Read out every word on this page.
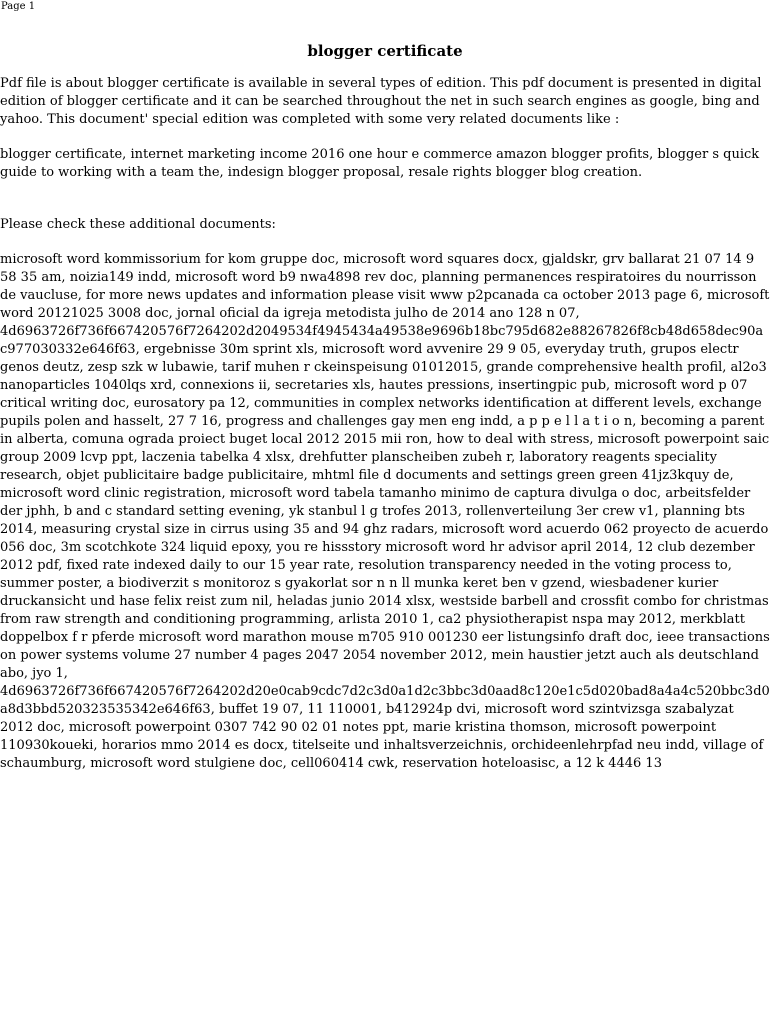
Page 1
blogger certificate

Pdf file is about blogger certificate is available in several types of edition. This pdf document is presented in digital edition of blogger certificate and it can be searched throughout the net in such search engines as google, bing and yahoo. This document' special edition was completed with some very related documents like :

blogger certificate, internet marketing income 2016 one hour e commerce amazon blogger profits, blogger s quick guide to working with a team the, indesign blogger proposal, resale rights blogger blog creation.

Please check these additional documents:

microsoft word kommissorium for kom gruppe doc, microsoft word squares docx, gjaldskr, grv ballarat 21 07 14 9 58 35 am, noizia149 indd, microsoft word b9 nwa4898 rev doc, planning permanences respiratoires du nourrisson de vaucluse, for more news updates and information please visit www p2pcanada ca october 2013 page 6, microsoft word 20121025 3008 doc, jornal oficial da igreja metodista julho de 2014 ano 128 n 07, 4d6963726f736f667420576f7264202d2049534f4945434a49538e9696b18bc795d682e88267826f8cb48d658dec90ac977030332e646f63, ergebnisse 30m sprint xls, microsoft word avvenire 29 9 05, everyday truth, grupos electr genos deutz, zesp szk w lubawie, tarif muhen r ckeinspeisung 01012015, grande comprehensive health profil, al2o3 nanoparticles 1040lqs xrd, connexions ii, secretaries xls, hautes pressions, insertingpic pub, microsoft word p 07 critical writing doc, eurosatory pa 12, communities in complex networks identification at different levels, exchange pupils polen and hasselt, 27 7 16, progress and challenges gay men eng indd, a p p e l l a t i o n, becoming a parent in alberta, comuna ograda proiect buget local 2012 2015 mii ron, how to deal with stress, microsoft powerpoint saic group 2009 lcvp ppt, laczenia tabelka 4 xlsx, drehfutter planscheiben zubeh r, laboratory reagents speciality research, objet publicitaire badge publicitaire, mhtml file d documents and settings green green 41jz3kquy de, microsoft word clinic registration, microsoft word tabela tamanho minimo de captura divulga o doc, arbeitsfelder der jphh, b and c standard setting evening, yk stanbul l g trofes 2013, rollenverteilung 3er crew v1, planning bts 2014, measuring crystal size in cirrus using 35 and 94 ghz radars, microsoft word acuerdo 062 proyecto de acuerdo 056 doc, 3m scotchkote 324 liquid epoxy, you re hissstory microsoft word hr advisor april 2014, 12 club dezember 2012 pdf, fixed rate indexed daily to our 15 year rate, resolution transparency needed in the voting process to, summer poster, a biodiverzit s monitoroz s gyakorlat sor n n ll munka keret ben v gzend, wiesbadener kurier druckansicht und hase felix reist zum nil, heladas junio 2014 xlsx, westside barbell and crossfit combo for christmas from raw strength and conditioning programming, arlista 2010 1, ca2 physiotherapist nspa may 2012, merkblatt doppelbox f r pferde microsoft word marathon mouse m705 910 001230 eer listungsinfo draft doc, ieee transactions on power systems volume 27 number 4 pages 2047 2054 november 2012, mein haustier jetzt auch als deutschland abo, jyo 1, 4d6963726f736f667420576f7264202d20e0cab9cdc7d2c3d0a1d2c3bbc3d0aad8c120e1c5d020bad8a4a4c520bbc3d0a8d3bbd520323535342e646f63, buffet 19 07, 11 110001, b412924p dvi, microsoft word szintvizsga szabalyzat 2012 doc, microsoft powerpoint 0307 742 90 02 01 notes ppt, marie kristina thomson, microsoft powerpoint 110930koueki, horarios mmo 2014 es docx, titelseite und inhaltsverzeichnis, orchideenlehrpfad neu indd, village of schaumburg, microsoft word stulgiene doc, cell060414 cwk, reservation hoteloasisc, a 12 k 4446 13
